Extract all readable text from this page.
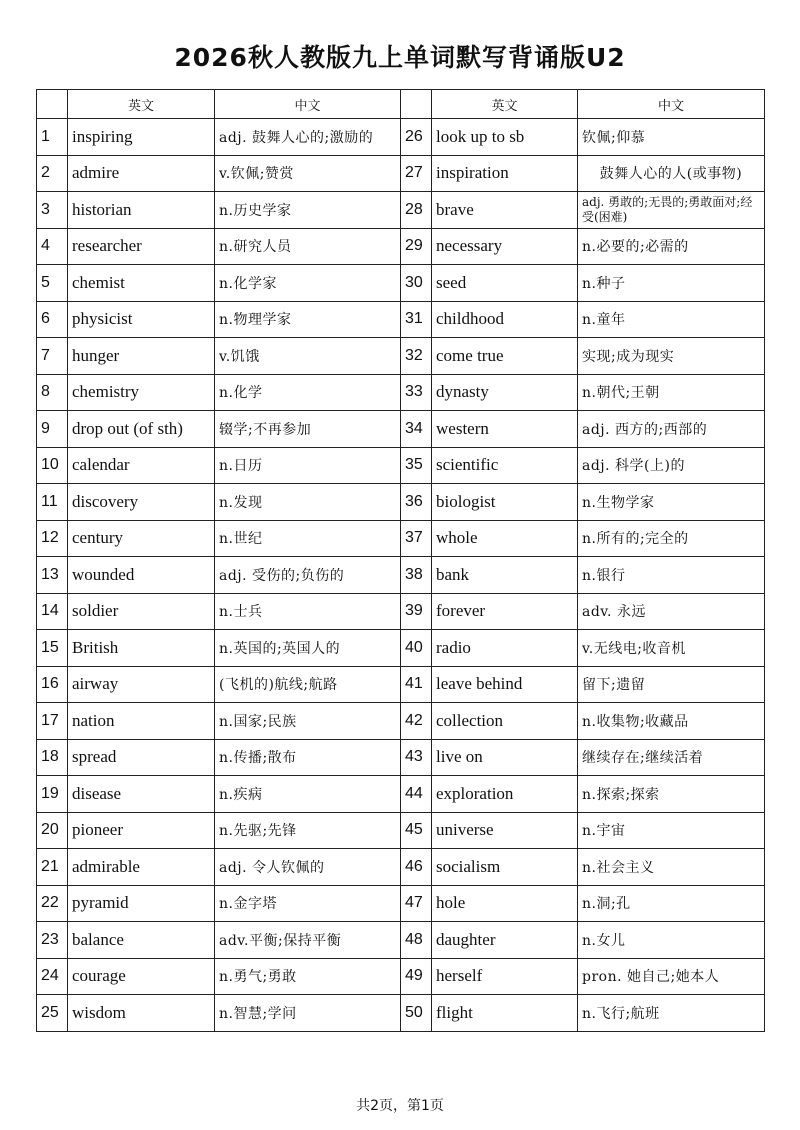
2026秋人教版九上单词默写背诵版U2
	英文	中文		英文	中文
1	inspiring	adj. 鼓舞人心的;激励的	26	look up to sb	钦佩;仰慕
2	admire	v.钦佩;赞赏	27	inspiration	鼓舞人心的人(或事物)
3	historian	n.历史学家	28	brave	adj. 勇敢的;无畏的;勇敢面对;经受(困难)
4	researcher	n.研究人员	29	necessary	n.必要的;必需的
5	chemist	n.化学家	30	seed	n.种子
6	physicist	n.物理学家	31	childhood	n.童年
7	hunger	v.饥饿	32	come true	实现;成为现实
8	chemistry	n.化学	33	dynasty	n.朝代;王朝
9	drop out (of sth)	辍学;不再参加	34	western	adj. 西方的;西部的
10	calendar	n.日历	35	scientific	adj. 科学(上)的
11	discovery	n.发现	36	biologist	n.生物学家
12	century	n.世纪	37	whole	n.所有的;完全的
13	wounded	adj. 受伤的;负伤的	38	bank	n.银行
14	soldier	n.士兵	39	forever	adv. 永远
15	British	n.英国的;英国人的	40	radio	v.无线电;收音机
16	airway	(飞机的)航线;航路	41	leave behind	留下;遗留
17	nation	n.国家;民族	42	collection	n.收集物;收藏品
18	spread	n.传播;散布	43	live on	继续存在;继续活着
19	disease	n.疾病	44	exploration	n.探索;探索
20	pioneer	n.先驱;先锋	45	universe	n.宇宙
21	admirable	adj. 令人钦佩的	46	socialism	n.社会主义
22	pyramid	n.金字塔	47	hole	n.洞;孔
23	balance	adv.平衡;保持平衡	48	daughter	n.女儿
24	courage	n.勇气;勇敢	49	herself	pron. 她自己;她本人
25	wisdom	n.智慧;学问	50	flight	n.飞行;航班
共2页，第1页
